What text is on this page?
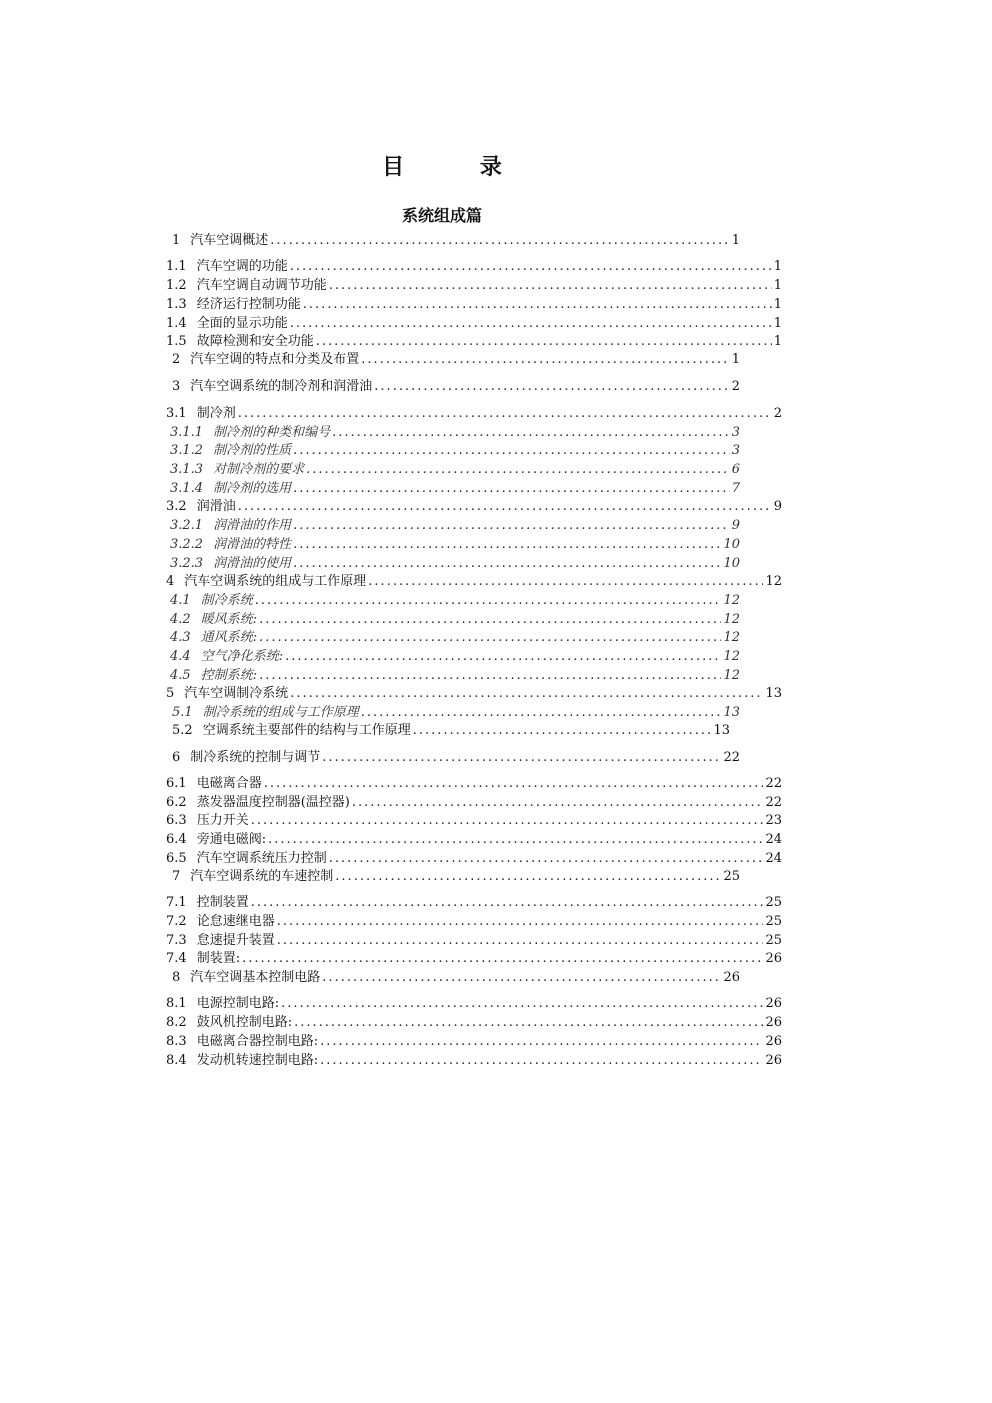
目 录
系统组成篇
1 汽车空调概述 .....	1
1.1 汽车空调的功能 .....	1
1.2 汽车空调自动调节功能 .....	1
1.3 经济运行控制功能 .....	1
1.4 全面的显示功能 .....	1
1.5 故障检测和安全功能 .....	1
2 汽车空调的特点和分类及布置 .....	1
3 汽车空调系统的制冷剂和润滑油 .....	2
3.1 制冷剂 .....	2
3.1.1 制冷剂的种类和编号 .....	3
3.1.2 制冷剂的性质 .....	3
3.1.3 对制冷剂的要求 .....	6
3.1.4 制冷剂的选用 .....	7
3.2 润滑油 .....	9
3.2.1 润滑油的作用 .....	9
3.2.2 润滑油的特性 .....	10
3.2.3 润滑油的使用 .....	10
4 汽车空调系统的组成与工作原理 .....	12
4.1 制冷系统 .....	12
4.2 暖风系统: .....	12
4.3 通风系统: .....	12
4.4 空气净化系统: .....	12
4.5 控制系统: .....	12
5 汽车空调制冷系统 .....	13
5.1 制冷系统的组成与工作原理 .....	13
5.2 空调系统主要部件的结构与工作原理 .....	13
6 制冷系统的控制与调节 .....	22
6.1 电磁离合器 .....	22
6.2 蒸发器温度控制器(温控器) .....	22
6.3 压力开关 .....	23
6.4 旁通电磁阀: .....	24
6.5 汽车空调系统压力控制 .....	24
7 汽车空调系统的车速控制 .....	25
7.1 控制装置 .....	25
7.2 论怠速继电器 .....	25
7.3 怠速提升装置 .....	25
7.4 制装置: .....	26
8 汽车空调基本控制电路 .....	26
8.1 电源控制电路: .....	26
8.2 鼓风机控制电路: .....	26
8.3 电磁离合器控制电路: .....	26
8.4 发动机转速控制电路: .....	26
